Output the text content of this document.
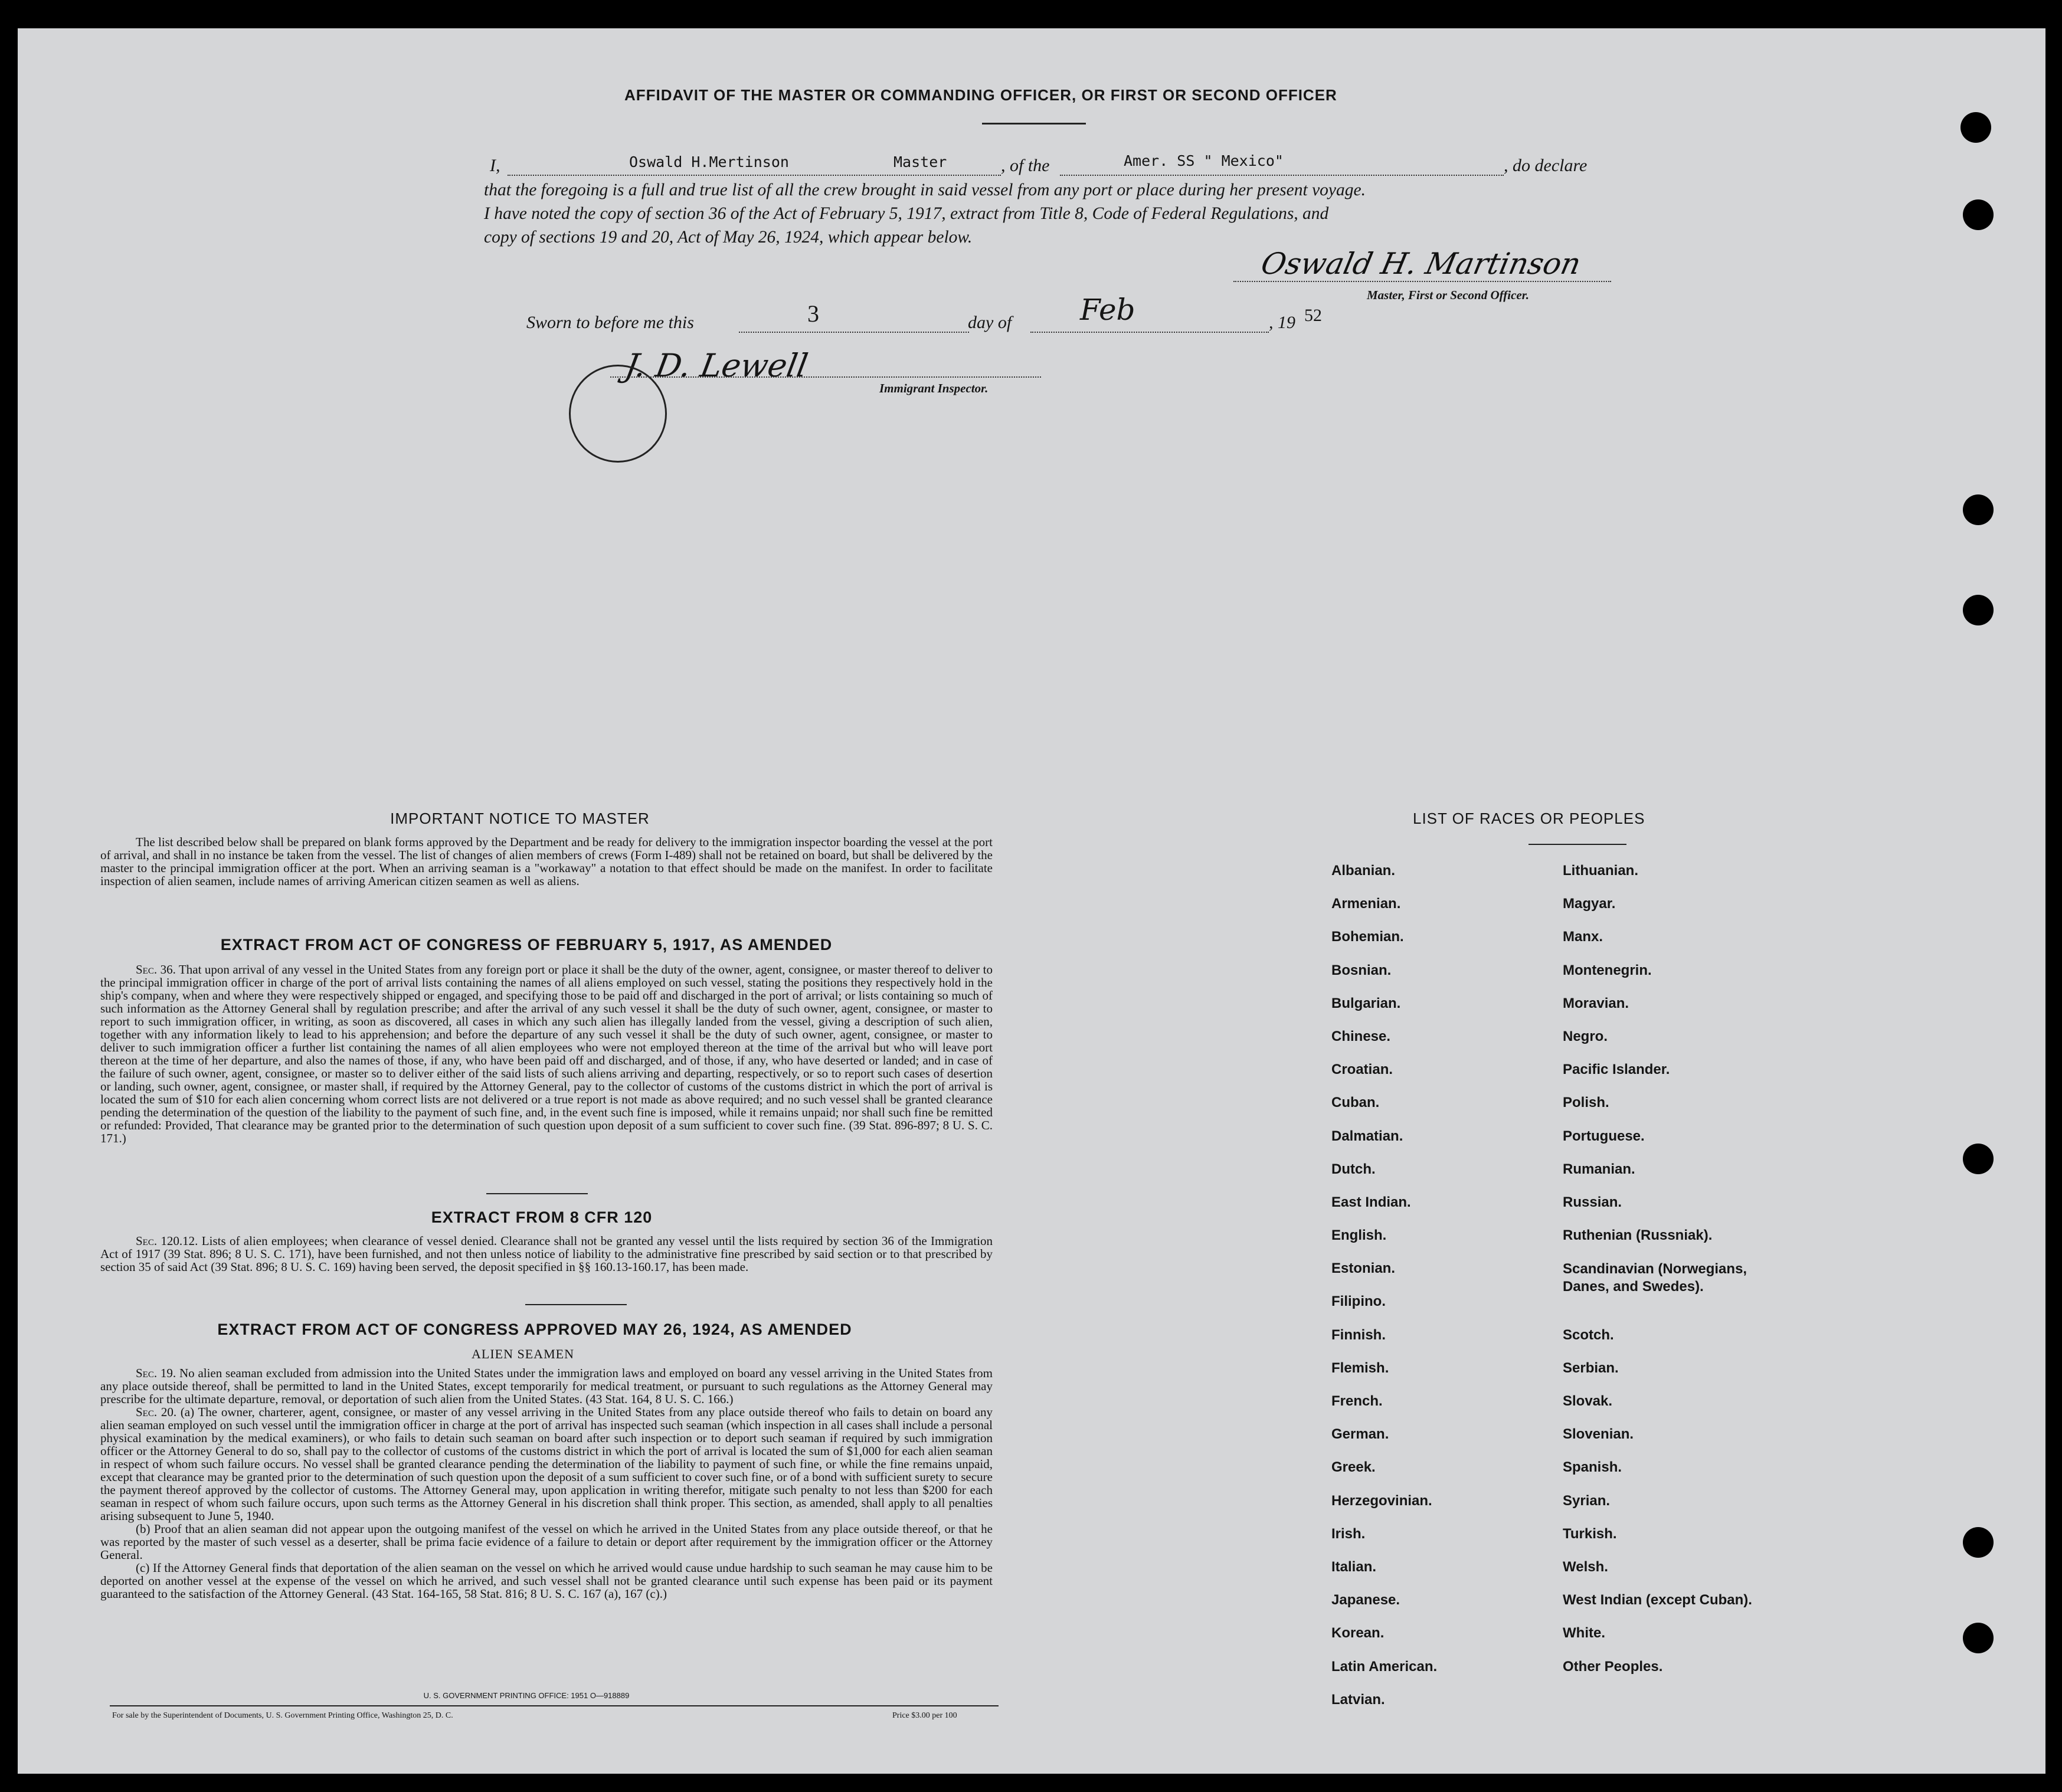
AFFIDAVIT OF THE MASTER OR COMMANDING OFFICER, OR FIRST OR SECOND OFFICER
I,	Oswald H.Mertinson	Master	, of the	Amer. SS " Mexico"	, do declare
that the foregoing is a full and true list of all the crew brought in said vessel from any port or place during her present voyage.
I have noted the copy of section 36 of the Act of February 5, 1917, extract from Title 8, Code of Federal Regulations, and
copy of sections 19 and 20, Act of May 26, 1924, which appear below.
Oswald H. Martinson
Master, First or Second Officer.
Sworn to before me this	3	day of Feb	, 19 52
J. D. Lewell
Immigrant Inspector.
IMPORTANT NOTICE TO MASTER

The list described below shall be prepared on blank forms approved by the Department and be ready for delivery to the immigration inspector boarding the vessel at the port of arrival, and shall in no instance be taken from the vessel. The list of changes of alien members of crews (Form I-489) shall not be retained on board, but shall be delivered by the master to the principal immigration officer at the port. When an arriving seaman is a "workaway" a notation to that effect should be made on the manifest. In order to facilitate inspection of alien seamen, include names of arriving American citizen seamen as well as aliens.

EXTRACT FROM ACT OF CONGRESS OF FEBRUARY 5, 1917, AS AMENDED

Sec. 36. That upon arrival of any vessel in the United States from any foreign port or place it shall be the duty of the owner, agent, consignee, or master thereof to deliver to the principal immigration officer in charge of the port of arrival lists containing the names of all aliens employed on such vessel, stating the positions they respectively hold in the ship's company, when and where they were respectively shipped or engaged, and specifying those to be paid off and discharged in the port of arrival; or lists containing so much of such information as the Attorney General shall by regulation prescribe; and after the arrival of any such vessel it shall be the duty of such owner, agent, consignee, or master to report to such immigration officer, in writing, as soon as discovered, all cases in which any such alien has illegally landed from the vessel, giving a description of such alien, together with any information likely to lead to his apprehension; and before the departure of any such vessel it shall be the duty of such owner, agent, consignee, or master to deliver to such immigration officer a further list containing the names of all alien employees who were not employed thereon at the time of the arrival but who will leave port thereon at the time of her departure, and also the names of those, if any, who have been paid off and discharged, and of those, if any, who have deserted or landed; and in case of the failure of such owner, agent, consignee, or master so to deliver either of the said lists of such aliens arriving and departing, respectively, or so to report such cases of desertion or landing, such owner, agent, consignee, or master shall, if required by the Attorney General, pay to the collector of customs of the customs district in which the port of arrival is located the sum of $10 for each alien concerning whom correct lists are not delivered or a true report is not made as above required; and no such vessel shall be granted clearance pending the determination of the question of the liability to the payment of such fine, and, in the event such fine is imposed, while it remains unpaid; nor shall such fine be remitted or refunded: Provided, That clearance may be granted prior to the determination of such question upon deposit of a sum sufficient to cover such fine. (39 Stat. 896-897; 8 U. S. C. 171.)

EXTRACT FROM 8 CFR 120

Sec. 120.12. Lists of alien employees; when clearance of vessel denied. Clearance shall not be granted any vessel until the lists required by section 36 of the Immigration Act of 1917 (39 Stat. 896; 8 U. S. C. 171), have been furnished, and not then unless notice of liability to the administrative fine prescribed by said section or to that prescribed by section 35 of said Act (39 Stat. 896; 8 U. S. C. 169) having been served, the deposit specified in §§ 160.13-160.17, has been made.

EXTRACT FROM ACT OF CONGRESS APPROVED MAY 26, 1924, AS AMENDED
ALIEN SEAMEN

Sec. 19. No alien seaman excluded from admission into the United States under the immigration laws and employed on board any vessel arriving in the United States from any place outside thereof, shall be permitted to land in the United States, except temporarily for medical treatment, or pursuant to such regulations as the Attorney General may prescribe for the ultimate departure, removal, or deportation of such alien from the United States. (43 Stat. 164, 8 U. S. C. 166.)

Sec. 20. (a) The owner, charterer, agent, consignee, or master of any vessel arriving in the United States from any place outside thereof who fails to detain on board any alien seaman employed on such vessel until the immigration officer in charge at the port of arrival has inspected such seaman (which inspection in all cases shall include a personal physical examination by the medical examiners), or who fails to detain such seaman on board after such inspection or to deport such seaman if required by such immigration officer or the Attorney General to do so, shall pay to the collector of customs of the customs district in which the port of arrival is located the sum of $1,000 for each alien seaman in respect of whom such failure occurs. No vessel shall be granted clearance pending the determination of the liability to payment of such fine, or while the fine remains unpaid, except that clearance may be granted prior to the determination of such question upon the deposit of a sum sufficient to cover such fine, or of a bond with sufficient surety to secure the payment thereof approved by the collector of customs. The Attorney General may, upon application in writing therefor, mitigate such penalty to not less than $200 for each seaman in respect of whom such failure occurs, upon such terms as the Attorney General in his discretion shall think proper. This section, as amended, shall apply to all penalties arising subsequent to June 5, 1940.

(b) Proof that an alien seaman did not appear upon the outgoing manifest of the vessel on which he arrived in the United States from any place outside thereof, or that he was reported by the master of such vessel as a deserter, shall be prima facie evidence of a failure to detain or deport after requirement by the immigration officer or the Attorney General.

(c) If the Attorney General finds that deportation of the alien seaman on the vessel on which he arrived would cause undue hardship to such seaman he may cause him to be deported on another vessel at the expense of the vessel on which he arrived, and such vessel shall not be granted clearance until such expense has been paid or its payment guaranteed to the satisfaction of the Attorney General. (43 Stat. 164-165, 58 Stat. 816; 8 U. S. C. 167 (a), 167 (c).)

U. S. GOVERNMENT PRINTING OFFICE: 1951 O—918889
For sale by the Superintendent of Documents, U. S. Government Printing Office, Washington 25, D. C.	Price $3.00 per 100
LIST OF RACES OR PEOPLES
Albanian.
Armenian.
Bohemian.
Bosnian.
Bulgarian.
Chinese.
Croatian.
Cuban.
Dalmatian.
Dutch.
East Indian.
English.
Estonian.
Filipino.
Finnish.
Flemish.
French.
German.
Greek.
Herzegovinian.
Irish.
Italian.
Japanese.
Korean.
Latin American.
Latvian.
Lithuanian.
Magyar.
Manx.
Montenegrin.
Moravian.
Negro.
Pacific Islander.
Polish.
Portuguese.
Rumanian.
Russian.
Ruthenian (Russniak).
Scandinavian (Norwegians, Danes, and Swedes).
Scotch.
Serbian.
Slovak.
Slovenian.
Spanish.
Syrian.
Turkish.
Welsh.
West Indian (except Cuban).
White.
Other Peoples.
